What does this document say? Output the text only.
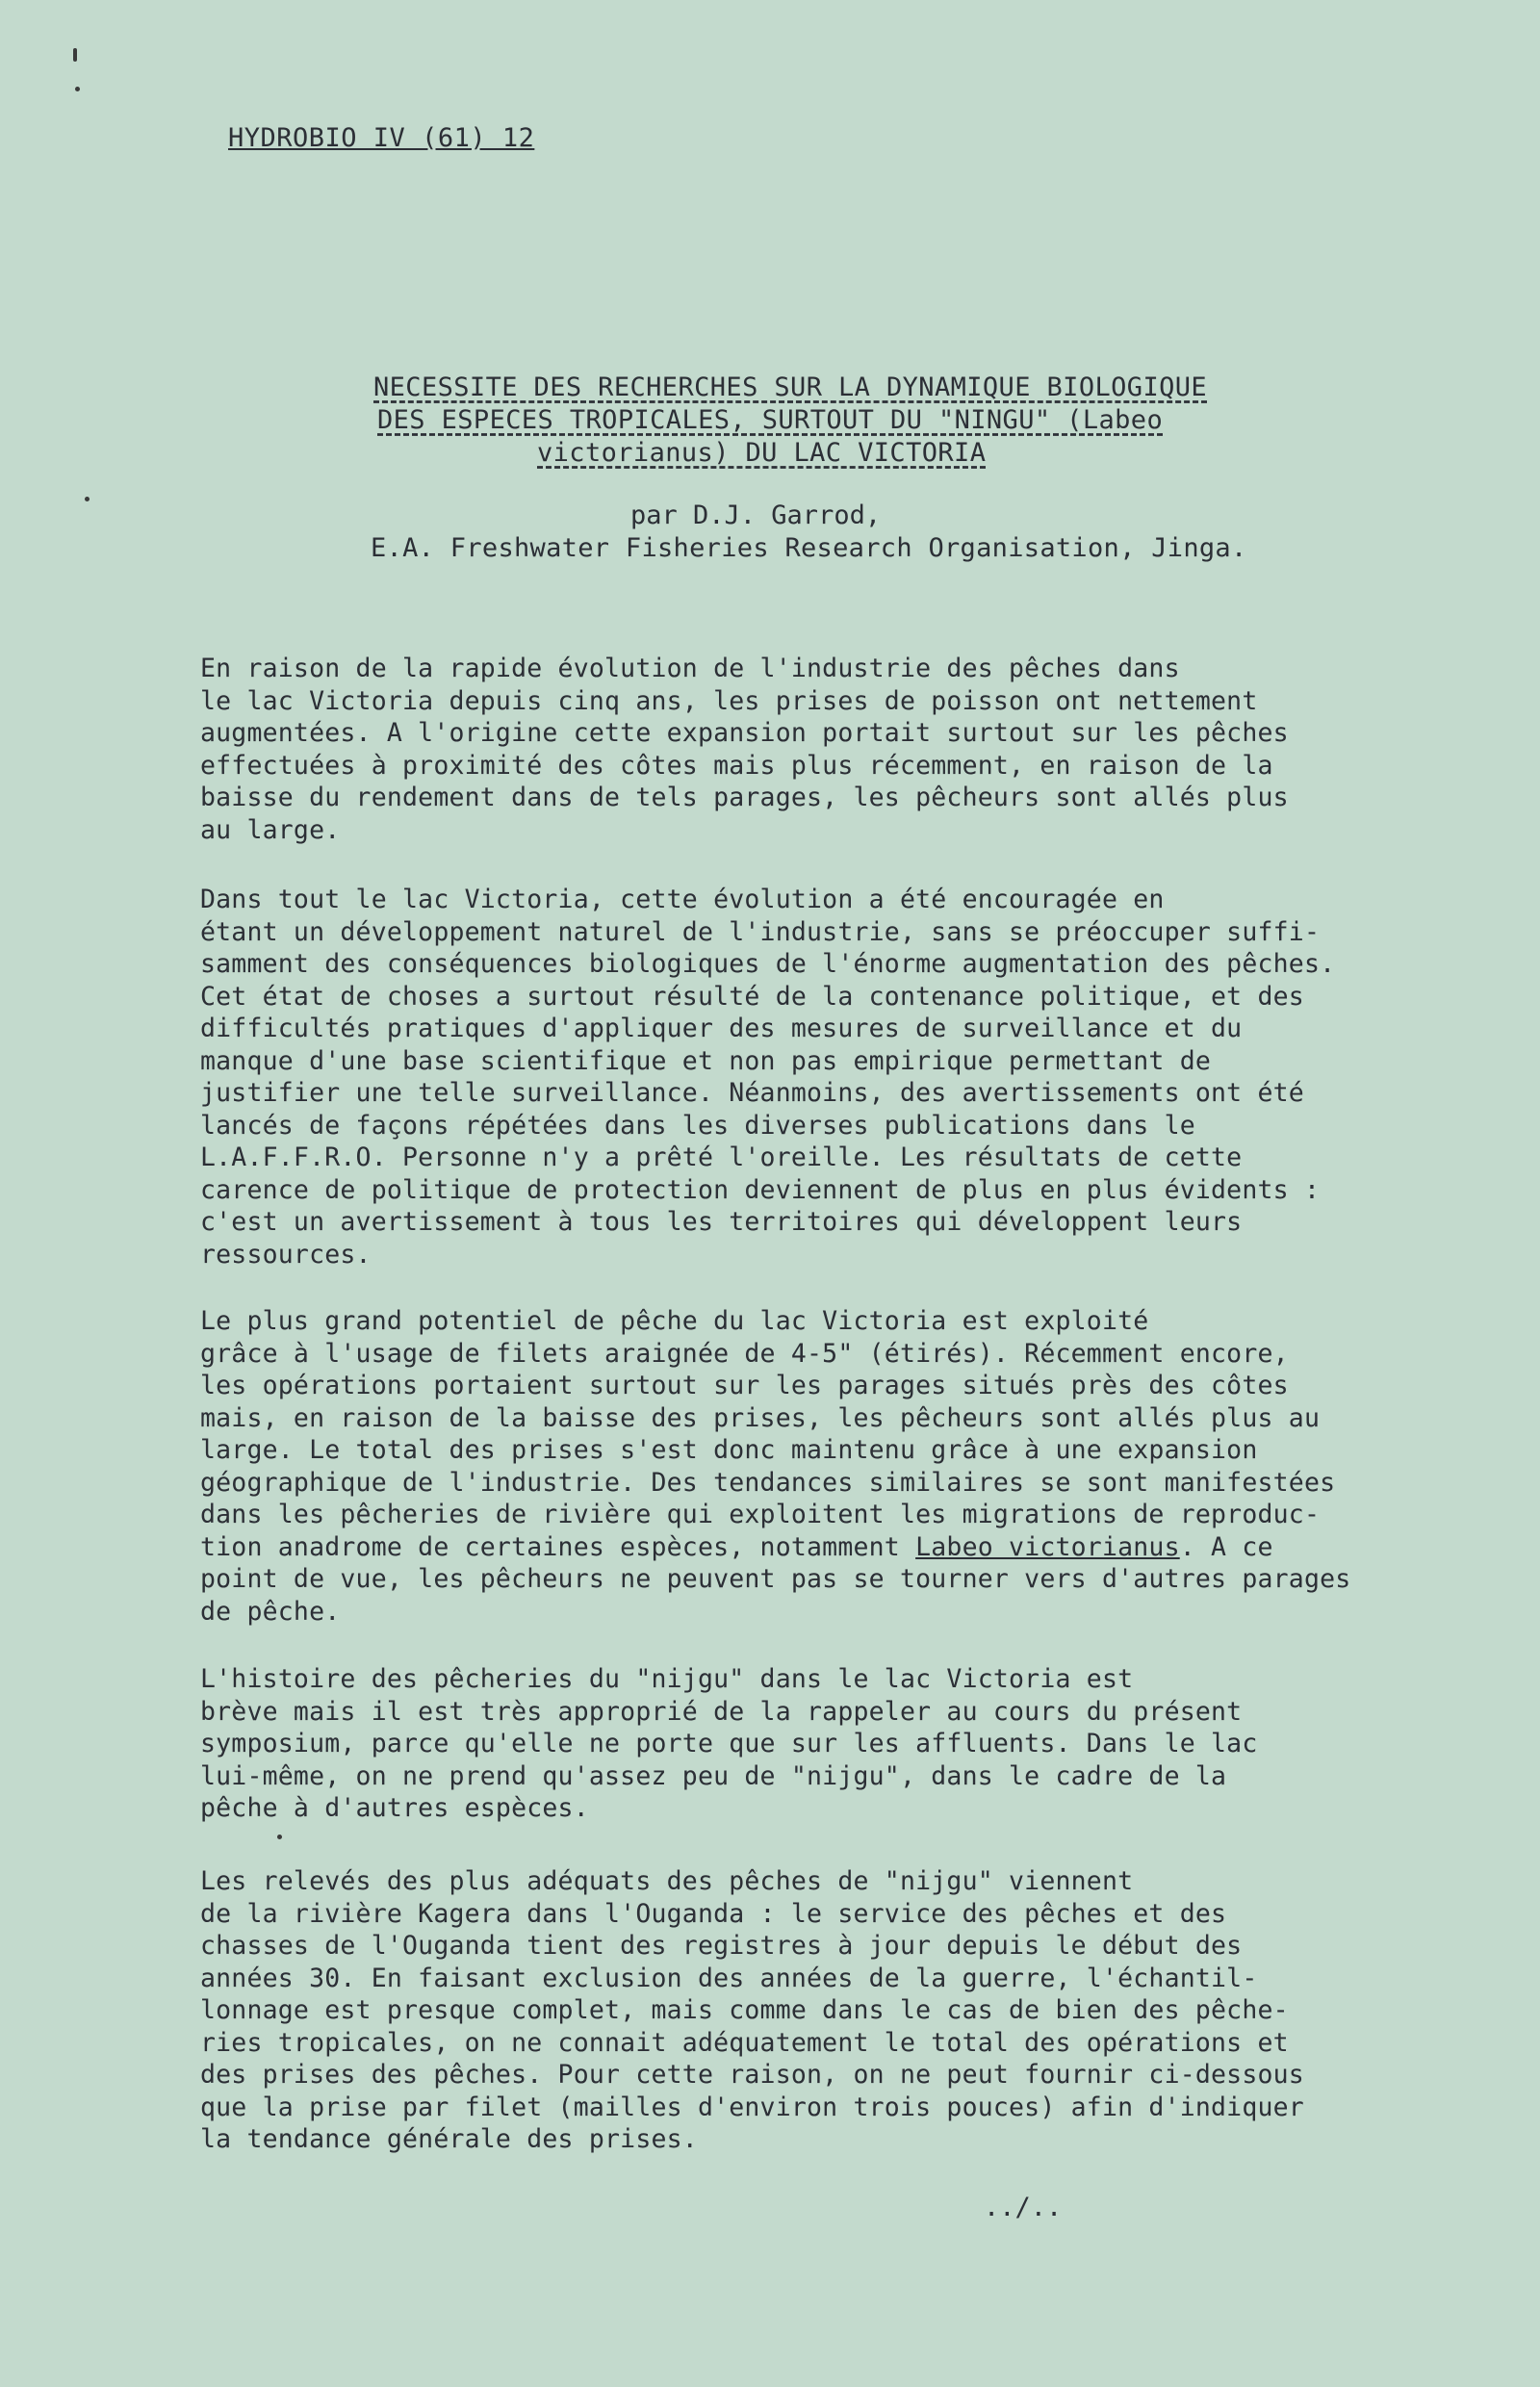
HYDROBIO IV (61) 12
NECESSITE DES RECHERCHES SUR LA DYNAMIQUE BIOLOGIQUE
DES ESPECES TROPICALES, SURTOUT DU "NINGU" (Labeo
victorianus) DU LAC VICTORIA
par D.J. Garrod,
E.A. Freshwater Fisheries Research Organisation, Jinga.
En raison de la rapide évolution de l'industrie des pêches dans
le lac Victoria depuis cinq ans, les prises de poisson ont nettement
augmentées. A l'origine cette expansion portait surtout sur les pêches
effectuées à proximité des côtes mais plus récemment, en raison de la
baisse du rendement dans de tels parages, les pêcheurs sont allés plus
au large.
Dans tout le lac Victoria, cette évolution a été encouragée en
étant un développement naturel de l'industrie, sans se préoccuper suffi-
samment des conséquences biologiques de l'énorme augmentation des pêches.
Cet état de choses a surtout résulté de la contenance politique, et des
difficultés pratiques d'appliquer des mesures de surveillance et du
manque d'une base scientifique et non pas empirique permettant de
justifier une telle surveillance. Néanmoins, des avertissements ont été
lancés de façons répétées dans les diverses publications dans le
L.A.F.F.R.O. Personne n'y a prêté l'oreille. Les résultats de cette
carence de politique de protection deviennent de plus en plus évidents :
c'est un avertissement à tous les territoires qui développent leurs
ressources.
Le plus grand potentiel de pêche du lac Victoria est exploité
grâce à l'usage de filets araignée de 4-5" (étirés). Récemment encore,
les opérations portaient surtout sur les parages situés près des côtes
mais, en raison de la baisse des prises, les pêcheurs sont allés plus au
large. Le total des prises s'est donc maintenu grâce à une expansion
géographique de l'industrie. Des tendances similaires se sont manifestées
dans les pêcheries de rivière qui exploitent les migrations de reproduc-
tion anadrome de certaines espèces, notamment Labeo victorianus. A ce
point de vue, les pêcheurs ne peuvent pas se tourner vers d'autres parages
de pêche.
L'histoire des pêcheries du "nijgu" dans le lac Victoria est
brève mais il est très approprié de la rappeler au cours du présent
symposium, parce qu'elle ne porte que sur les affluents. Dans le lac
lui-même, on ne prend qu'assez peu de "nijgu", dans le cadre de la
pêche à d'autres espèces.
Les relevés des plus adéquats des pêches de "nijgu" viennent
de la rivière Kagera dans l'Ouganda : le service des pêches et des
chasses de l'Ouganda tient des registres à jour depuis le début des
années 30. En faisant exclusion des années de la guerre, l'échantil-
lonnage est presque complet, mais comme dans le cas de bien des pêche-
ries tropicales, on ne connait adéquatement le total des opérations et
des prises des pêches. Pour cette raison, on ne peut fournir ci-dessous
que la prise par filet (mailles d'environ trois pouces) afin d'indiquer
la tendance générale des prises.
../..
